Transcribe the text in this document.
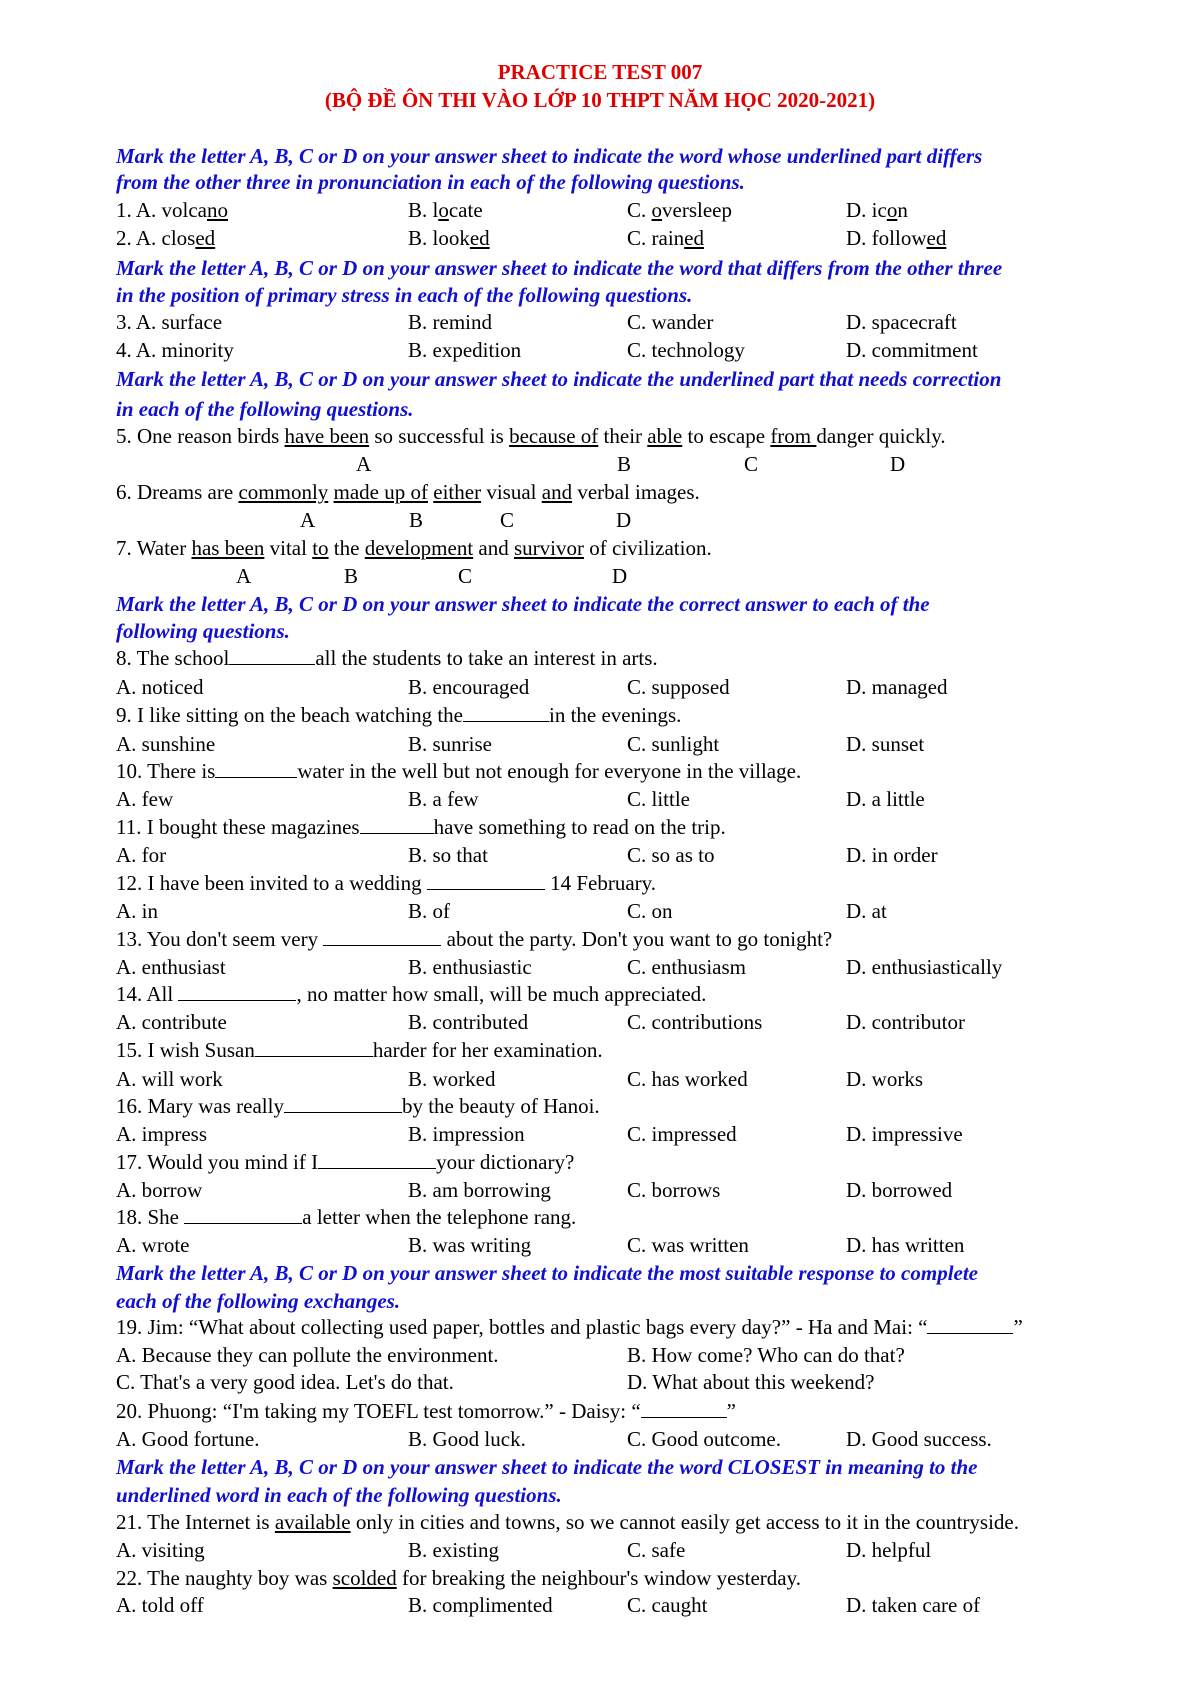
PRACTICE TEST 007
(BỘ ĐỀ ÔN THI VÀO LỚP 10 THPT NĂM HỌC 2020-2021)
Mark the letter A, B, C or D on your answer sheet to indicate the word whose underlined part differs
from the other three in pronunciation in each of the following questions.
1. A. volcano	B. locate	C. oversleep	D. icon
2. A. closed	B. looked	C. rained	D. followed
Mark the letter A, B, C or D on your answer sheet to indicate the word that differs from the other three
in the position of primary stress in each of the following questions.
3. A. surface	B. remind	C. wander	D. spacecraft
4. A. minority	B. expedition	C. technology	D. commitment
Mark the letter A, B, C or D on your answer sheet to indicate the underlined part that needs correction
in each of the following questions.
5. One reason birds have been so successful is because of their able to escape from danger quickly.
A	B	C	D
6. Dreams are commonly made up of either visual and verbal images.
A	B	C	D
7. Water has been vital to the development and survivor of civilization.
A	B	C	D
Mark the letter A, B, C or D on your answer sheet to indicate the correct answer to each of the
following questions.
8. The school	all the students to take an interest in arts.
A. noticed	B. encouraged	C. supposed	D. managed
9. I like sitting on the beach watching the	in the evenings.
A. sunshine	B. sunrise	C. sunlight	D. sunset
10. There is	water in the well but not enough for everyone in the village.
A. few	B. a few	C. little	D. a little
11. I bought these magazines	have something to read on the trip.
A. for	B. so that	C. so as to	D. in order
12. I have been invited to a wedding	14 February.
A. in	B. of	C. on	D. at
13. You don't seem very	about the party. Don't you want to go tonight?
A. enthusiast	B. enthusiastic	C. enthusiasm	D. enthusiastically
14. All	, no matter how small, will be much appreciated.
A. contribute	B. contributed	C. contributions	D. contributor
15. I wish Susan	harder for her examination.
A. will work	B. worked	C. has worked	D. works
16. Mary was really	by the beauty of Hanoi.
A. impress	B. impression	C. impressed	D. impressive
17. Would you mind if I	your dictionary?
A. borrow	B. am borrowing	C. borrows	D. borrowed
18. She	a letter when the telephone rang.
A. wrote	B. was writing	C. was written	D. has written
Mark the letter A, B, C or D on your answer sheet to indicate the most suitable response to complete
each of the following exchanges.
19. Jim: “What about collecting used paper, bottles and plastic bags every day?” - Ha and Mai: “	”
A. Because they can pollute the environment.	B. How come? Who can do that?
C. That's a very good idea. Let's do that.	D. What about this weekend?
20. Phuong: “I'm taking my TOEFL test tomorrow.” - Daisy: “	”
A. Good fortune.	B. Good luck.	C. Good outcome.	D. Good success.
Mark the letter A, B, C or D on your answer sheet to indicate the word CLOSEST in meaning to the
underlined word in each of the following questions.
21. The Internet is available only in cities and towns, so we cannot easily get access to it in the countryside.
A. visiting	B. existing	C. safe	D. helpful
22. The naughty boy was scolded for breaking the neighbour's window yesterday.
A. told off	B. complimented	C. caught	D. taken care of
